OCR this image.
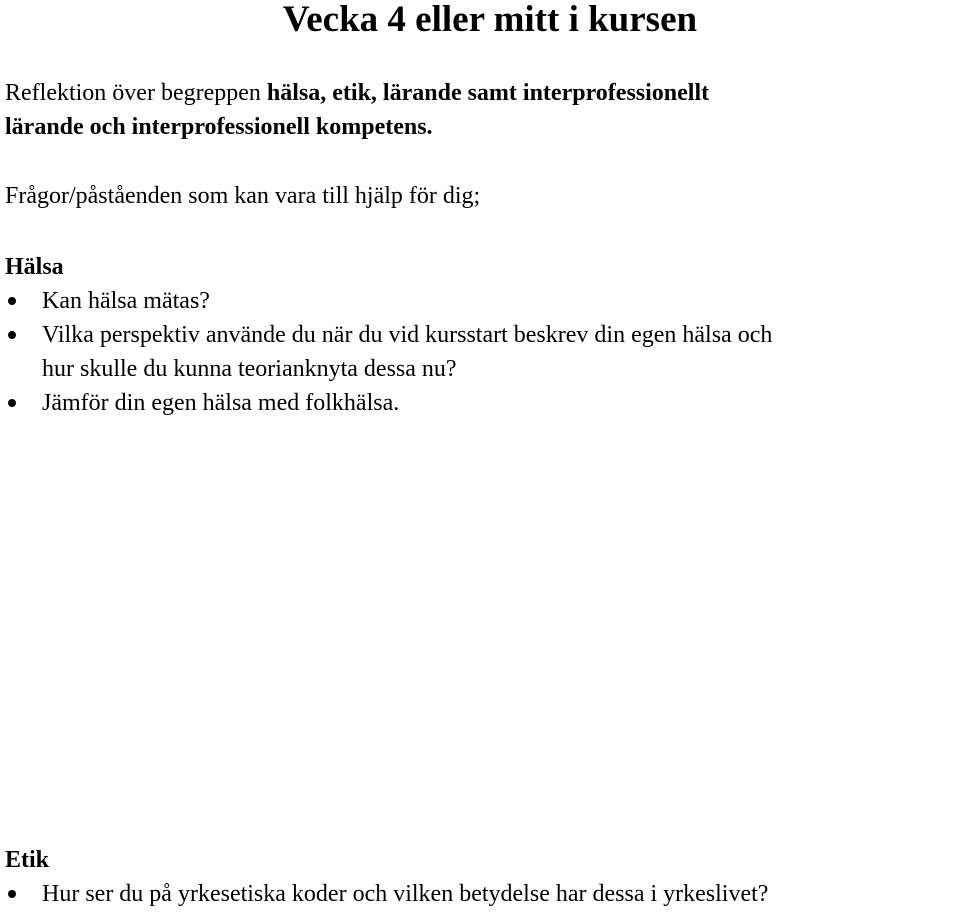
Vecka 4 eller mitt i kursen

Reflektion över begreppen hälsa, etik, lärande samt interprofessionellt

lärande och interprofessionell kompetens.

Frågor/påståenden som kan vara till hjälp för dig;

Hälsa
Kan hälsa mätas?
Vilka perspektiv använde du när du vid kursstart beskrev din egen hälsa och
hur skulle du kunna teorianknyta dessa nu?
Jämför din egen hälsa med folkhälsa.
Etik
Hur ser du på yrkesetiska koder och vilken betydelse har dessa i yrkeslivet?
